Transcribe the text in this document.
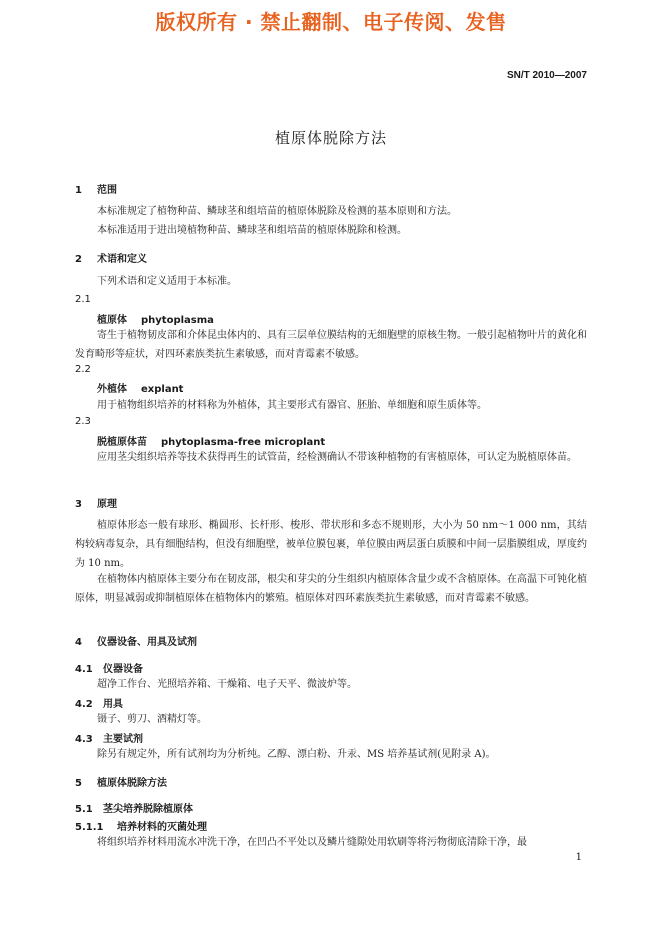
版权所有 · 禁止翻制、电子传阅、发售
SN/T 2010—2007
植原体脱除方法
1 范围
本标准规定了植物种苗、鳞球茎和组培苗的植原体脱除及检测的基本原则和方法。
本标准适用于进出境植物种苗、鳞球茎和组培苗的植原体脱除和检测。
2 术语和定义
下列术语和定义适用于本标准。
2.1
植原体 phytoplasma
寄生于植物韧皮部和介体昆虫体内的、具有三层单位膜结构的无细胞壁的原核生物。一般引起植物叶片的黄化和发育畸形等症状，对四环素族类抗生素敏感，而对青霉素不敏感。
2.2
外植体 explant
用于植物组织培养的材料称为外植体，其主要形式有器官、胚胎、单细胞和原生质体等。
2.3
脱植原体苗 phytoplasma-free microplant
应用茎尖组织培养等技术获得再生的试管苗，经检测确认不带该种植物的有害植原体，可认定为脱植原体苗。
3 原理
植原体形态一般有球形、椭圆形、长杆形、梭形、带状形和多态不规则形，大小为 50 nm～1 000 nm，其结构较病毒复杂，具有细胞结构，但没有细胞壁，被单位膜包裹，单位膜由两层蛋白质膜和中间一层脂膜组成，厚度约为 10 nm。
在植物体内植原体主要分布在韧皮部，根尖和芽尖的分生组织内植原体含量少或不含植原体。在高温下可钝化植原体，明显减弱或抑制植原体在植物体内的繁殖。植原体对四环素族类抗生素敏感，而对青霉素不敏感。
4 仪器设备、用具及试剂
4.1 仪器设备
超净工作台、光照培养箱、干燥箱、电子天平、微波炉等。
4.2 用具
镊子、剪刀、酒精灯等。
4.3 主要试剂
除另有规定外，所有试剂均为分析纯。乙醇、漂白粉、升汞、MS 培养基试剂(见附录 A)。
5 植原体脱除方法
5.1 茎尖培养脱除植原体
5.1.1 培养材料的灭菌处理
将组织培养材料用流水冲洗干净，在凹凸不平处以及鳞片缝隙处用软刷等将污物彻底清除干净，最
1
